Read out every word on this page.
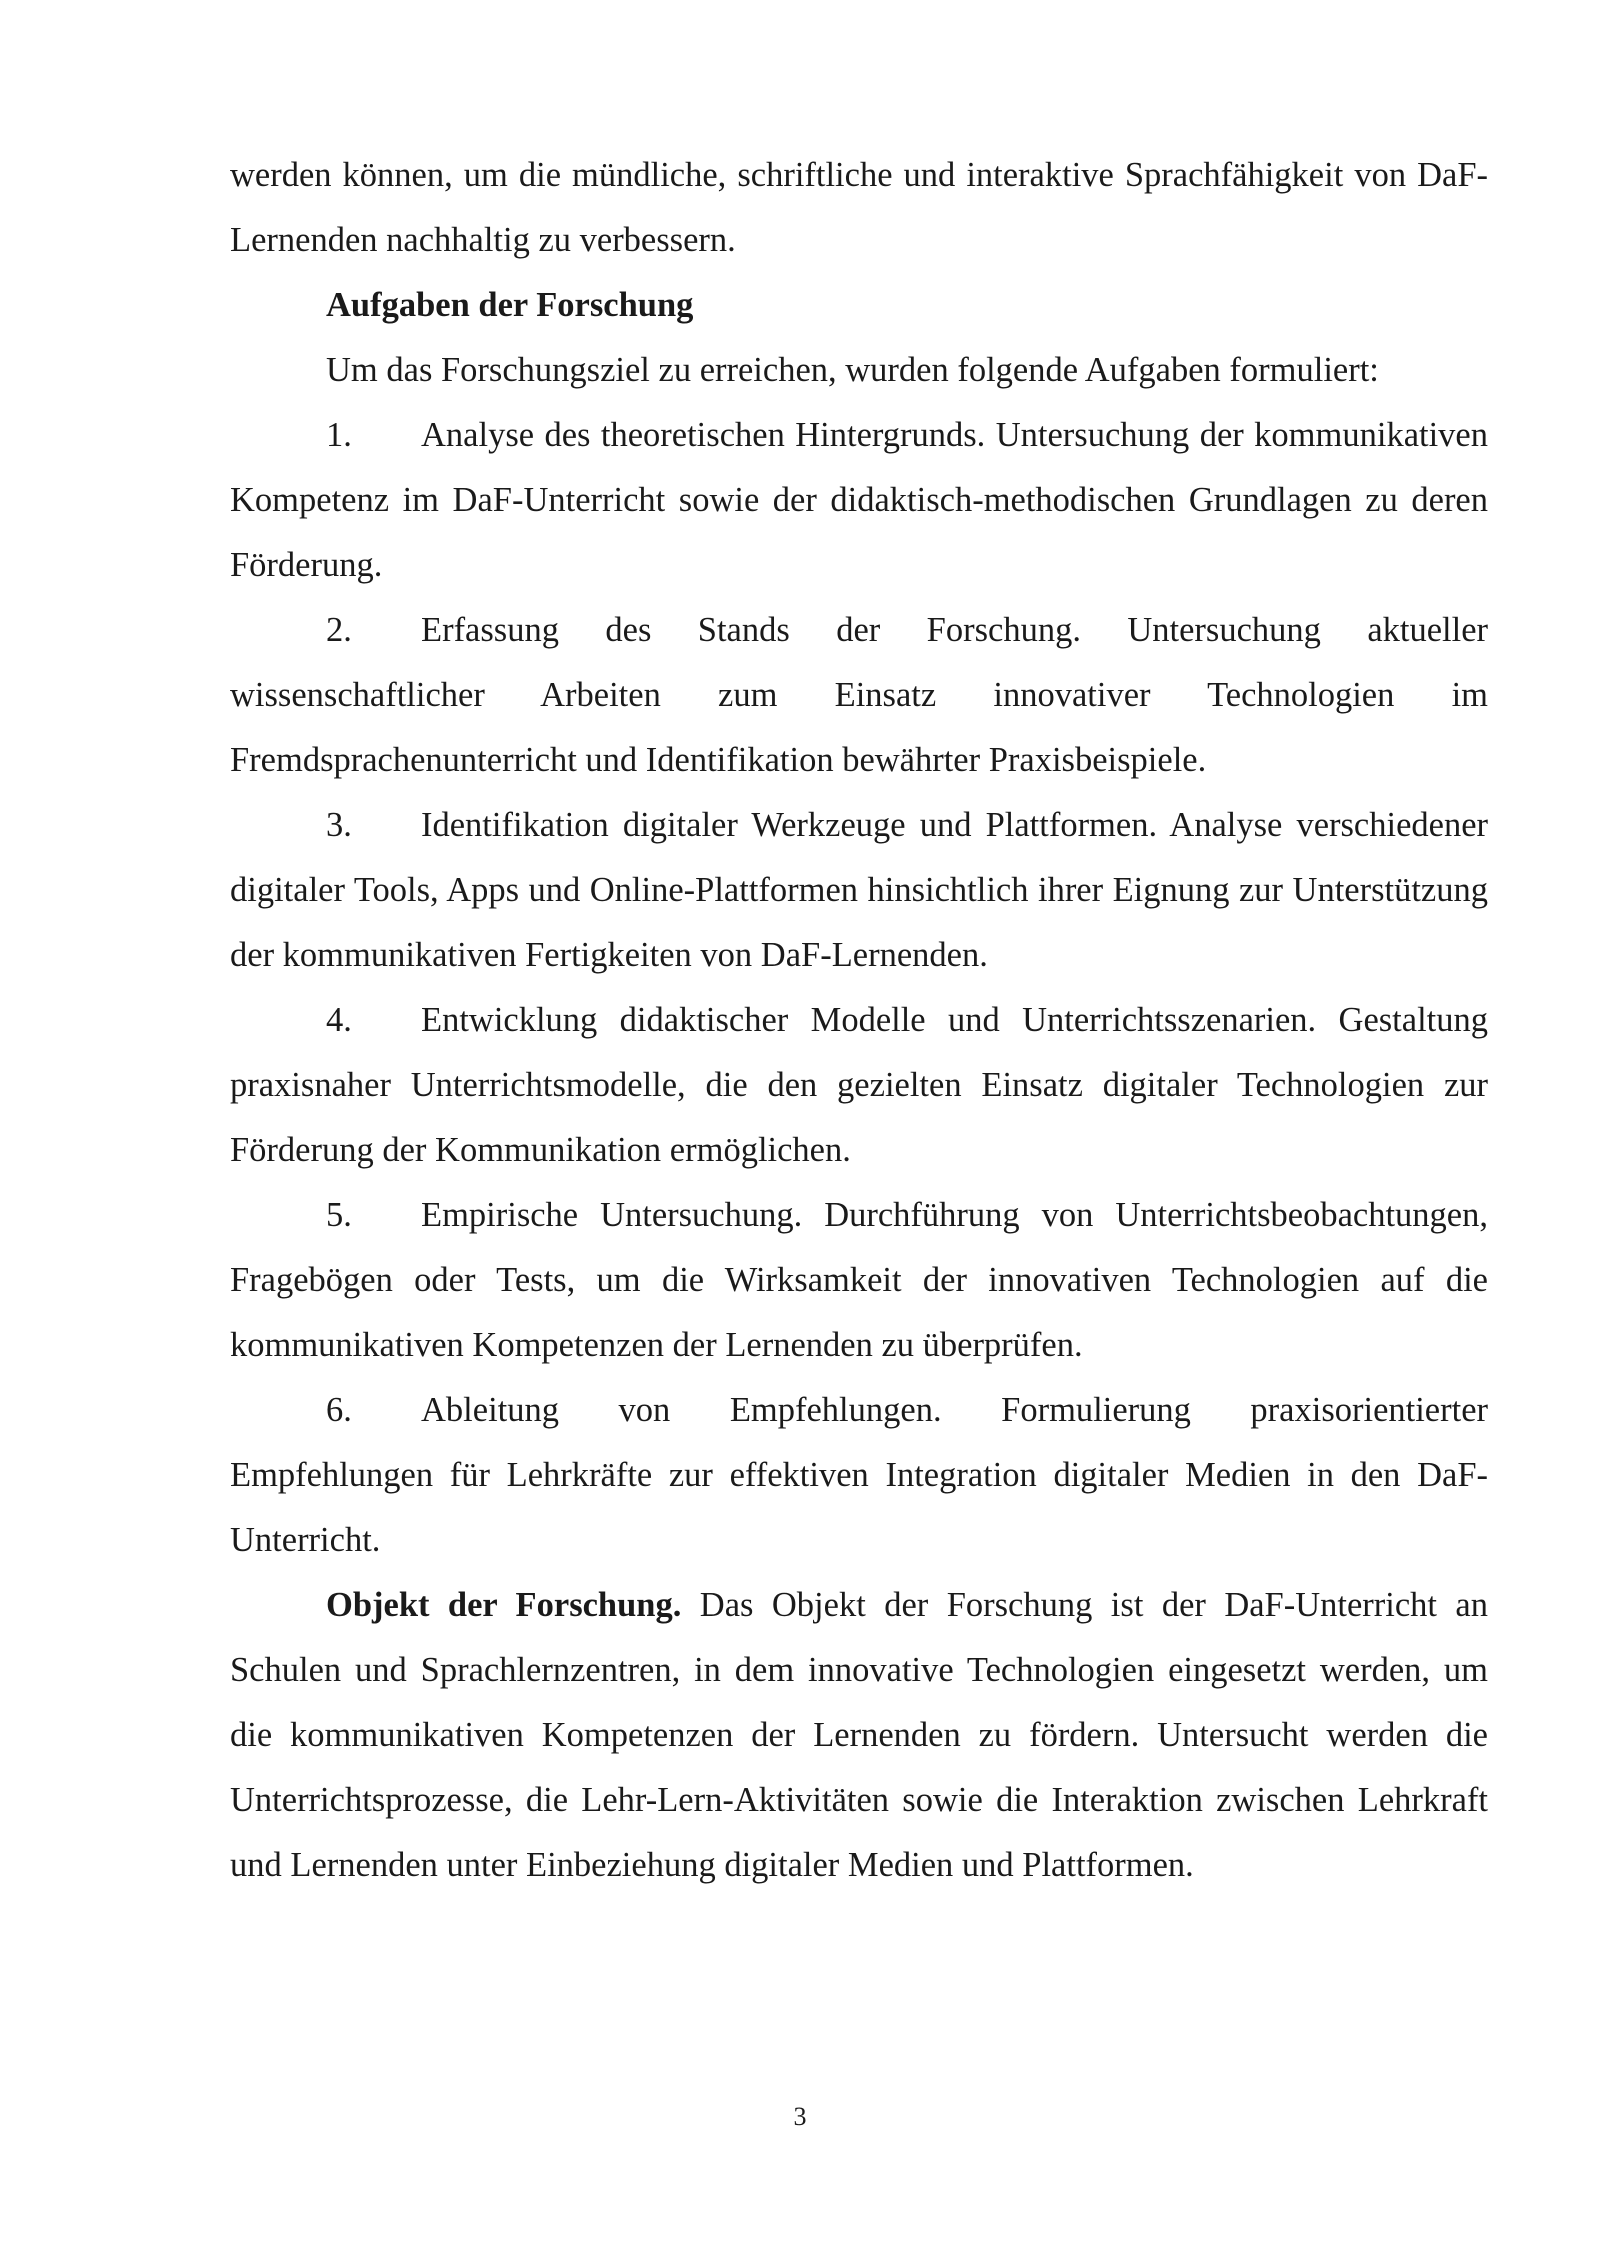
werden können, um die mündliche, schriftliche und interaktive Sprachfähigkeit von DaF-Lernenden nachhaltig zu verbessern.

Aufgaben der Forschung

Um das Forschungsziel zu erreichen, wurden folgende Aufgaben formuliert:

1. Analyse des theoretischen Hintergrunds. Untersuchung der kommunikativen Kompetenz im DaF-Unterricht sowie der didaktisch-methodischen Grundlagen zu deren Förderung.

2. Erfassung des Stands der Forschung. Untersuchung aktueller wissenschaftlicher Arbeiten zum Einsatz innovativer Technologien im Fremdsprachenunterricht und Identifikation bewährter Praxisbeispiele.

3. Identifikation digitaler Werkzeuge und Plattformen. Analyse verschiedener digitaler Tools, Apps und Online-Plattformen hinsichtlich ihrer Eignung zur Unterstützung der kommunikativen Fertigkeiten von DaF-Lernenden.

4. Entwicklung didaktischer Modelle und Unterrichtsszenarien. Gestaltung praxisnaher Unterrichtsmodelle, die den gezielten Einsatz digitaler Technologien zur Förderung der Kommunikation ermöglichen.

5. Empirische Untersuchung. Durchführung von Unterrichtsbeobachtungen, Fragebögen oder Tests, um die Wirksamkeit der innovativen Technologien auf die kommunikativen Kompetenzen der Lernenden zu überprüfen.

6. Ableitung von Empfehlungen. Formulierung praxisorientierter Empfehlungen für Lehrkräfte zur effektiven Integration digitaler Medien in den DaF-Unterricht.

Objekt der Forschung. Das Objekt der Forschung ist der DaF-Unterricht an Schulen und Sprachlernzentren, in dem innovative Technologien eingesetzt werden, um die kommunikativen Kompetenzen der Lernenden zu fördern. Untersucht werden die Unterrichtsprozesse, die Lehr-Lern-Aktivitäten sowie die Interaktion zwischen Lehrkraft und Lernenden unter Einbeziehung digitaler Medien und Plattformen.

3
